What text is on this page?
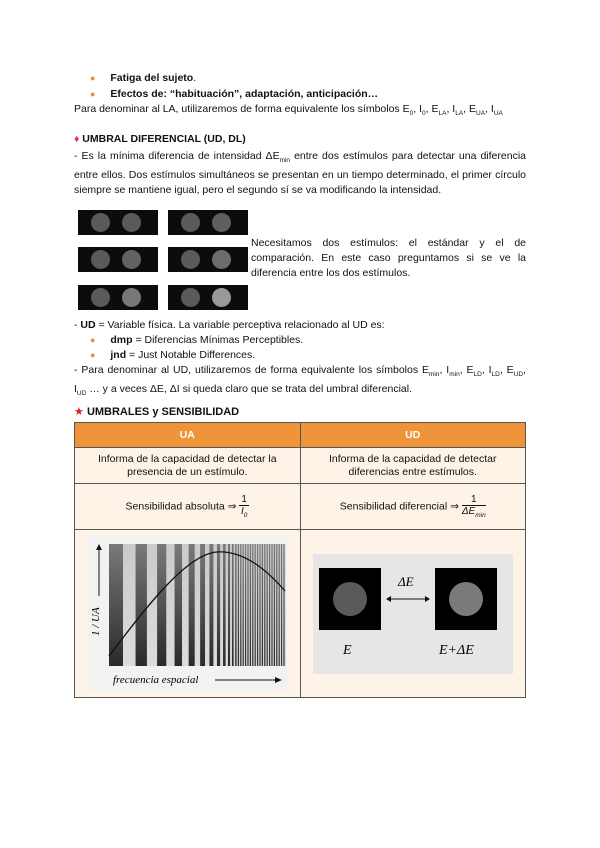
● Fatiga del sujeto.
● Efectos de: “habituación”, adaptación, anticipación…
Para denominar al LA, utilizaremos de forma equivalente los símbolos $E_0$, $I_0$, $E_{LA}$, $I_{LA}$, $E_{UA}$, $I_{UA}$
♦ UMBRAL DIFERENCIAL (UD, DL)
- Es la mínima diferencia de intensidad $\Delta E_{min}$ entre dos estímulos para detectar una diferencia entre ellos. Dos estímulos simultáneos se presentan en un tiempo determinado, el primer círculo siempre se mantiene igual, pero el segundo sí se va modificando la intensidad.
Necesitamos dos estímulos: el estándar y el de comparación. En este caso preguntamos si se ve la diferencia entre los dos estímulos.
- UD = Variable física. La variable perceptiva relacionado al UD es:
● dmp = Diferencias Mínimas Perceptibles.
● jnd = Just Notable Differences.
- Para denominar al UD, utilizaremos de forma equivalente los símbolos $E_{min}$, $I_{min}$, $E_{LD}$, $I_{LD}$, $E_{UD}$, $I_{UD}$ … y a veces ΔE, ΔI si queda claro que se trata del umbral diferencial.
★ UMBRALES y SENSIBILIDAD
UA	UD

Informa de la capacidad de detectar la presencia de un estímulo.	Informa de la capacidad de detectar diferencias entre estímulos.

Sensibilidad absoluta ⇒ $\frac{1}{I_0}$	Sensibilidad diferencial ⇒ $\frac{1}{\Delta E_{min}}$

1 / UA
frecuencia espacial	ΔE
E E+ΔE
